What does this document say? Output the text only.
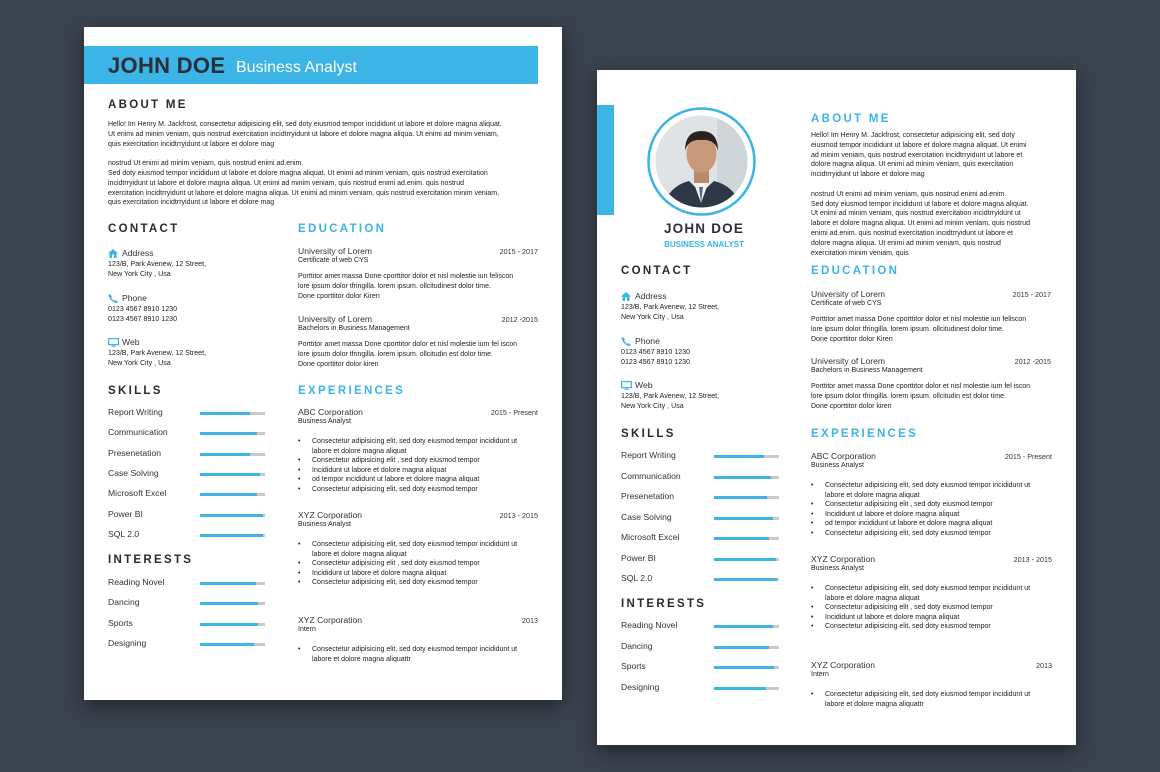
JOHN DOE Business Analyst
ABOUT ME
Hello! Im Henry M. Jackfrost, consectetur adipisicing elit, sed doty eiusmod tempor incididunt ut labore et dolore magna aliquat.
Ut enimi ad minim veniam, quis nostrud exercitation incidtrryidunt ut labore et dolore magna aliqua. Ut enimi ad minim veniam,
quis exercitation incidtrryidunt ut labore et dolore mag

nostrud Ut enimi ad minim veniam, quis nostrud enimi ad.enim.
Sed doty eiusmod tempor incididunt ut labore et dolore magna aliquat. Ut enimi ad minim veniam, quis nostrud exercitation
incidtrryidunt ut labore et dolore magna aliqua. Ut enimi ad minim veniam, quis nostrud enimi ad.enim. quis nostrud
exercitation incidtrryidunt ut labore et dolore magna aliqua. Ut enimi ad minim veniam, quis nostrud exercitation minim veniam,
quis exercitation incidtrryidunt ut labore et dolore mag
CONTACT
Address
123/B, Park Avenew, 12 Street,
New York City , Usa
Phone
0123 4567 8910 1230
0123 4567 8910 1230
Web
123/B, Park Avenew, 12 Street,
New York City , Usa
SKILLS
Report Writing
Communication
Presenetation
Case Solving
Microsoft Excel
Power BI
SQL 2.0
INTERESTS
Reading Novel
Dancing
Sports
Designing
EDUCATION
University of Lorem	2015 - 2017
Certificate of web CYS
Porttitor amet massa Done cporttitor dolor et nisl molestie iun feliscon
lore ipsum dolor tfringilla. lorem ipsum. ollcitudinest dolor time.
Done cporttitor dolor Kiren
University of Lorem	2012 -2015
Bachelors in Business Management
Porttitor amet massa Done cporttitor dolor et nisl molestie ium fel iscon
lore ipsum dolor tfringilla. lorem ipsum. ollcitudin est dolor time.
Done cporttitor dolor kiren
EXPERIENCES
ABC Corporation	2015 - Present
Business Analyst
• Consectetur adipisicing elit, sed doty eiusmod tempor incididunt ut
labore et dolore magna aliquat
• Consectetur adipisicing elit , sed doty eiusmod tempor
• Incididunt ut labore et dolore magna aliquat
• od tempor incididunt ut labore et dolore magna aliquat
• Consectetur adipisicing elit, sed doty eiusmod tempor
XYZ Corporation	2013 - 2015
Business Analyst
• Consectetur adipisicing elit, sed doty eiusmod tempor incididunt ut
labore et dolore magna aliquat
• Consectetur adipisicing elit , sed doty eiusmod tempor
• Incididunt ut labore et dolore magna aliquat
• Consectetur adipisicing elit, sed doty eiusmod tempor
XYZ Corporation	2013
Intern
• Consectetur adipisicing elit, sed doty eiusmod tempor incididunt ut
labore et dolore magna aliquattr
JOHN DOE
BUSINESS ANALYST
CONTACT
Address
123/B, Park Avenew, 12 Street,
New York City , Usa
Phone
0123 4567 8910 1230
0123 4567 8910 1230
Web
123/B, Park Avenew, 12 Street,
New York City , Usa
SKILLS
Report Writing
Communication
Presenetation
Case Solving
Microsoft Excel
Power BI
SQL 2.0
INTERESTS
Reading Novel
Dancing
Sports
Designing
ABOUT ME
Hello! Im Henry M. Jackfrost, consectetur adipisicing elit, sed doty
eiusmod tempor incididunt ut labore et dolore magna aliquat. Ut enimi
ad minim veniam, quis nostrud exercitation incidtrryidunt ut labore et
dolore magna aliqua. Ut enimi ad minim veniam, quis exercitation
incidtrryidunt ut labore et dolore mag

nostrud Ut enimi ad minim veniam, quis nostrud enimi ad.enim.
Sed doty eiusmod tempor incididunt ut labore et dolore magna aliquat.
Ut enimi ad minim veniam, quis nostrud exercitation incidtrryidunt ut
labore et dolore magna aliqua. Ut enimi ad minim veniam, quis nostrud
enimi ad.enim. quis nostrud exercitation incidtrryidunt ut labore et
dolore magna aliqua. Ut enimi ad minim veniam, quis nostrud
exercitation minim veniam, quis
EDUCATION
University of Lorem	2015 - 2017
Certificate of web CYS
Porttitor amet massa Done cporttitor dolor et nisl molestie iun feliscon
lore ipsum dolor tfringilla. lorem ipsum. ollcitudinest dolor time.
Done cporttitor dolor Kiren
University of Lorem	2012 -2015
Bachelors in Business Management
Porttitor amet massa Done cporttitor dolor et nisl molestie ium fel iscon
lore ipsum dolor tfringilla. lorem ipsum. ollcitudin est dolor time.
Done cporttitor dolor kiren
EXPERIENCES
ABC Corporation	2015 - Present
Business Analyst
• Consectetur adipisicing elit, sed doty eiusmod tempor incididunt ut
labore et dolore magna aliquat
• Consectetur adipisicing elit , sed doty eiusmod tempor
• Incididunt ut labore et dolore magna aliquat
• od tempor incididunt ut labore et dolore magna aliquat
• Consectetur adipisicing elit, sed doty eiusmod tempor
XYZ Corporation	2013 - 2015
Business Analyst
• Consectetur adipisicing elit, sed doty eiusmod tempor incididunt ut
labore et dolore magna aliquat
• Consectetur adipisicing elit , sed doty eiusmod tempor
• Incididunt ut labore et dolore magna aliquat
• Consectetur adipisicing elit, sed doty eiusmod tempor
XYZ Corporation	2013
Intern
• Consectetur adipisicing elit, sed doty eiusmod tempor incididunt ut
labore et dolore magna aliquattr
